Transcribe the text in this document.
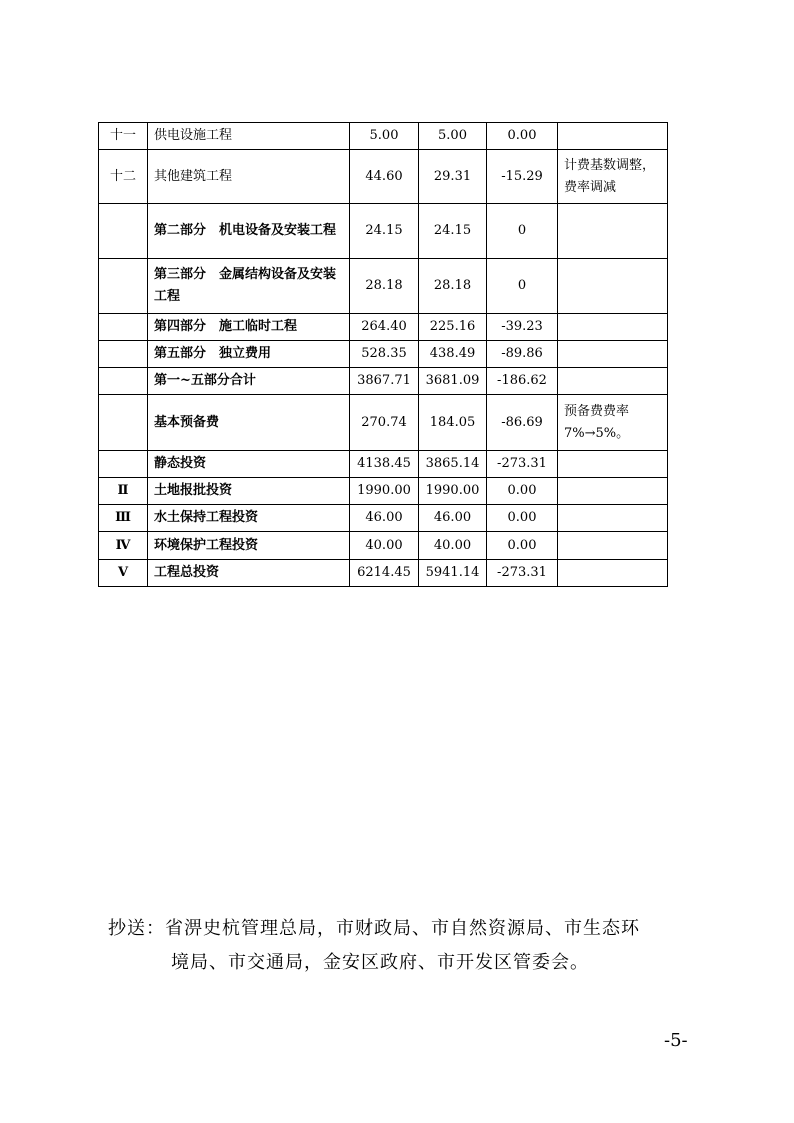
十一	供电设施工程	5.00	5.00	0.00	
十二	其他建筑工程	44.60	29.31	-15.29	计费基数调整，费率调减
	第二部分　机电设备及安装工程	24.15	24.15	0	
	第三部分　金属结构设备及安装工程	28.18	28.18	0	
	第四部分　施工临时工程	264.40	225.16	-39.23	
	第五部分　独立费用	528.35	438.49	-89.86	
	第一~五部分合计	3867.71	3681.09	-186.62	
	基本预备费	270.74	184.05	-86.69	预备费费率7%→5%。
	静态投资	4138.45	3865.14	-273.31	
Ⅱ	土地报批投资	1990.00	1990.00	0.00	
Ⅲ	水土保持工程投资	46.00	46.00	0.00	
Ⅳ	环境保护工程投资	40.00	40.00	0.00	
Ⅴ	工程总投资	6214.45	5941.14	-273.31	
抄送：省淠史杭管理总局，市财政局、市自然资源局、市生态环
境局、市交通局，金安区政府、市开发区管委会。
-5-
